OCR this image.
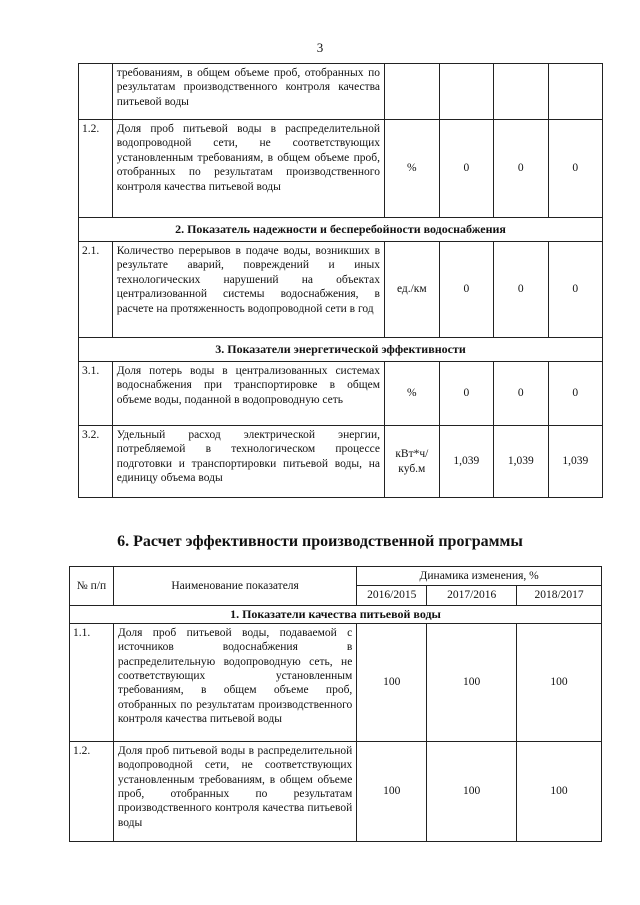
3
	требованиям, в общем объеме проб, отобранных по результатам производственного контроля качества питьевой воды				
1.2.	Доля проб питьевой воды в распределительной водопроводной сети, не соответствующих установленным требованиям, в общем объеме проб, отобранных по результатам производственного контроля качества питьевой воды	%	0	0	0
2. Показатель надежности и бесперебойности водоснабжения					
2.1.	Количество перерывов в подаче воды, возникших в результате аварий, повреждений и иных технологических нарушений на объектах централизованной системы водоснабжения, в расчете на протяженность водопроводной сети в год	ед./км	0	0	0
3. Показатели энергетической эффективности					
3.1.	Доля потерь воды в централизованных системах водоснабжения при транспортировке в общем объеме воды, поданной в водопроводную сеть	%	0	0	0
3.2.	Удельный расход электрической энергии, потребляемой в технологическом процессе подготовки и транспортировки питьевой воды, на единицу объема воды	кВт*ч/куб.м	1,039	1,039	1,039
6. Расчет эффективности производственной программы
№ п/п	Наименование показателя	Динамика изменения, %		
		2016/2015	2017/2016	2018/2017
1. Показатели качества питьевой воды				
1.1.	Доля проб питьевой воды, подаваемой с источников водоснабжения в распределительную водопроводную сеть, не соответствующих установленным требованиям, в общем объеме проб, отобранных по результатам производственного контроля качества питьевой воды	100	100	100
1.2.	Доля проб питьевой воды в распределительной водопроводной сети, не соответствующих установленным требованиям, в общем объеме проб, отобранных по результатам производственного контроля качества питьевой воды	100	100	100
